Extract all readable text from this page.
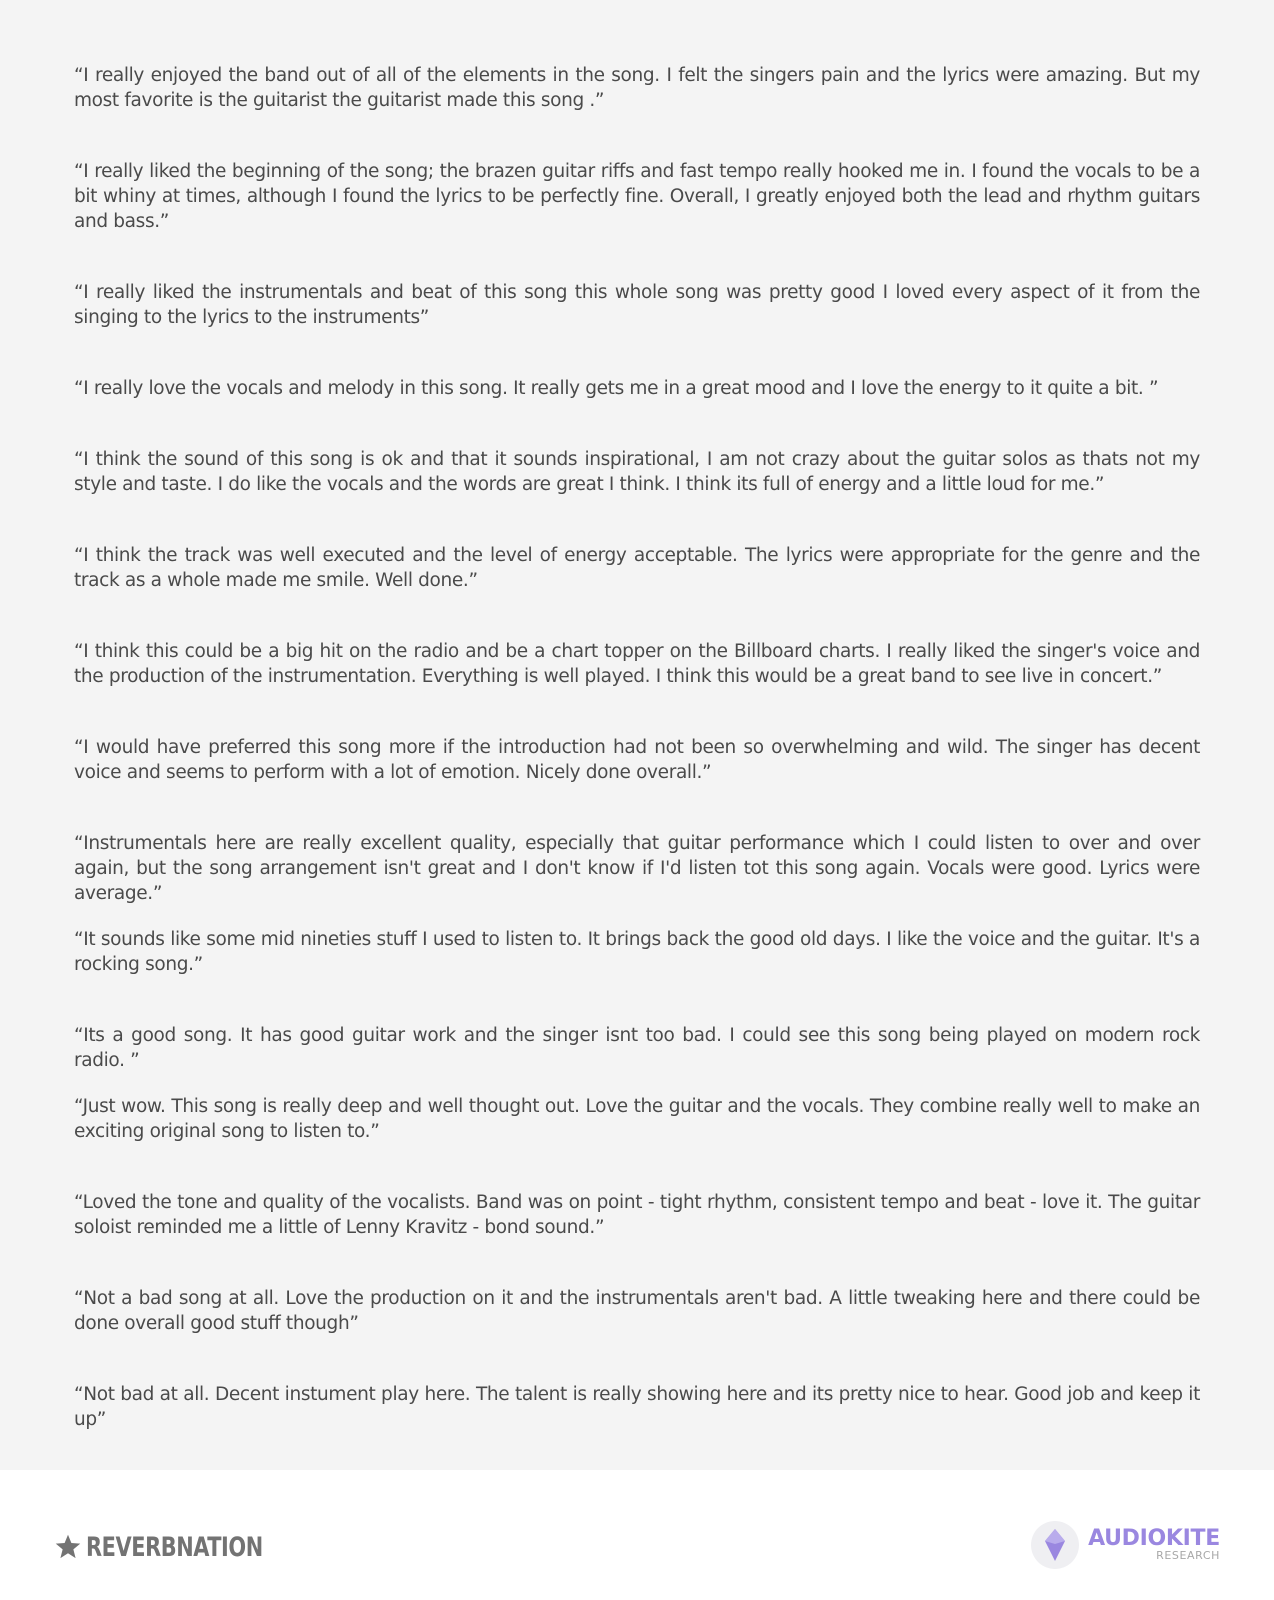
“I really enjoyed the band out of all of the elements in the song. I felt the singers pain and the lyrics were amazing. But my most favorite is the guitarist the guitarist made this song .”
“I really liked the beginning of the song; the brazen guitar riffs and fast tempo really hooked me in. I found the vocals to be a bit whiny at times, although I found the lyrics to be perfectly fine. Overall, I greatly enjoyed both the lead and rhythm guitars and bass.”
“I really liked the instrumentals and beat of this song this whole song was pretty good I loved every aspect of it from the singing to the lyrics to the instruments”
“I really love the vocals and melody in this song. It really gets me in a great mood and I love the energy to it quite a bit. ”
“I think the sound of this song is ok and that it sounds inspirational, I am not crazy about the guitar solos as thats not my style and taste. I do like the vocals and the words are great I think. I think its full of energy and a little loud for me.”
“I think the track was well executed and the level of energy acceptable. The lyrics were appropriate for the genre and the track as a whole made me smile. Well done.”
“I think this could be a big hit on the radio and be a chart topper on the Billboard charts. I really liked the singer's voice and the production of the instrumentation. Everything is well played. I think this would be a great band to see live in concert.”
“I would have preferred this song more if the introduction had not been so overwhelming and wild. The singer has decent voice and seems to perform with a lot of emotion. Nicely done overall.”
“Instrumentals here are really excellent quality, especially that guitar performance which I could listen to over and over again, but the song arrangement isn't great and I don't know if I'd listen tot this song again. Vocals were good. Lyrics were average.”
“It sounds like some mid nineties stuff I used to listen to. It brings back the good old days. I like the voice and the guitar. It's a rocking song.”
“Its a good song. It has good guitar work and the singer isnt too bad. I could see this song being played on modern rock radio. ”
“Just wow. This song is really deep and well thought out. Love the guitar and the vocals. They combine really well to make an exciting original song to listen to.”
“Loved the tone and quality of the vocalists. Band was on point - tight rhythm, consistent tempo and beat - love it. The guitar soloist reminded me a little of Lenny Kravitz - bond sound.”
“Not a bad song at all. Love the production on it and the instrumentals aren't bad. A little tweaking here and there could be done overall good stuff though”
“Not bad at all. Decent instument play here. The talent is really showing here and its pretty nice to hear. Good job and keep it up”
REVERBNATION	AUDIOKITE
RESEARCH
